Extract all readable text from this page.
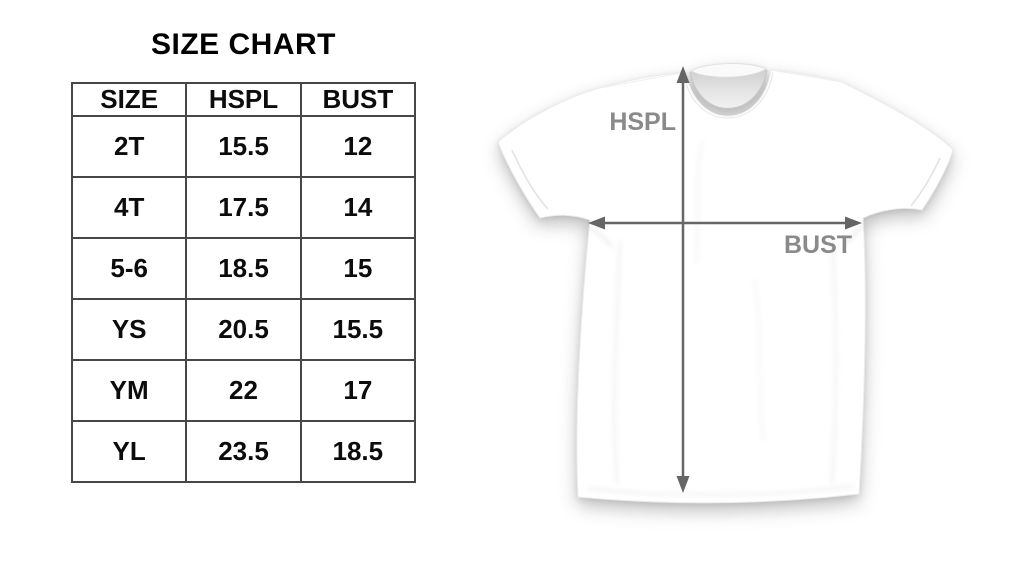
SIZE CHART
SIZE	HSPL	BUST
2T	15.5	12
4T	17.5	14
5-6	18.5	15
YS	20.5	15.5
YM	22	17
YL	23.5	18.5
HSPL
BUST
